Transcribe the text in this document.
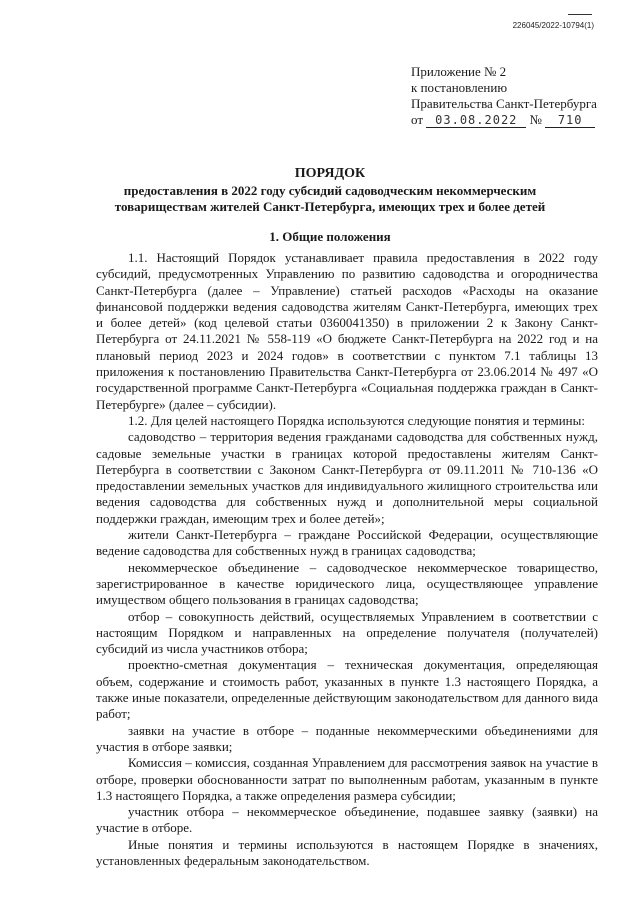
226045/2022-10794(1)
Приложение № 2
к постановлению
Правительства Санкт-Петербурга
от 03.08.2022 № 710
ПОРЯДОК
предоставления в 2022 году субсидий садоводческим некоммерческим товариществам жителей Санкт-Петербурга, имеющих трех и более детей
1. Общие положения

1.1. Настоящий Порядок устанавливает правила предоставления в 2022 году субсидий, предусмотренных Управлению по развитию садоводства и огородничества Санкт-Петербурга (далее – Управление) статьей расходов «Расходы на оказание финансовой поддержки ведения садоводства жителям Санкт-Петербурга, имеющих трех и более детей» (код целевой статьи 0360041350) в приложении 2 к Закону Санкт-Петербурга от 24.11.2021 № 558-119 «О бюджете Санкт-Петербурга на 2022 год и на плановый период 2023 и 2024 годов» в соответствии с пунктом 7.1 таблицы 13 приложения к постановлению Правительства Санкт-Петербурга от 23.06.2014 № 497 «О государственной программе Санкт-Петербурга «Социальная поддержка граждан в Санкт-Петербурге» (далее – субсидии).

1.2. Для целей настоящего Порядка используются следующие понятия и термины:

садоводство – территория ведения гражданами садоводства для собственных нужд, садовые земельные участки в границах которой предоставлены жителям Санкт-Петербурга в соответствии с Законом Санкт-Петербурга от 09.11.2011 № 710-136 «О предоставлении земельных участков для индивидуального жилищного строительства или ведения садоводства для собственных нужд и дополнительной меры социальной поддержки граждан, имеющим трех и более детей»;

жители Санкт-Петербурга – граждане Российской Федерации, осуществляющие ведение садоводства для собственных нужд в границах садоводства;

некоммерческое объединение – садоводческое некоммерческое товарищество, зарегистрированное в качестве юридического лица, осуществляющее управление имуществом общего пользования в границах садоводства;

отбор – совокупность действий, осуществляемых Управлением в соответствии с настоящим Порядком и направленных на определение получателя (получателей) субсидий из числа участников отбора;

проектно-сметная документация – техническая документация, определяющая объем, содержание и стоимость работ, указанных в пункте 1.3 настоящего Порядка, а также иные показатели, определенные действующим законодательством для данного вида работ;

заявки на участие в отборе – поданные некоммерческими объединениями для участия в отборе заявки;

Комиссия – комиссия, созданная Управлением для рассмотрения заявок на участие в отборе, проверки обоснованности затрат по выполненным работам, указанным в пункте 1.3 настоящего Порядка, а также определения размера субсидии;

участник отбора – некоммерческое объединение, подавшее заявку (заявки) на участие в отборе.

Иные понятия и термины используются в настоящем Порядке в значениях, установленных федеральным законодательством.
